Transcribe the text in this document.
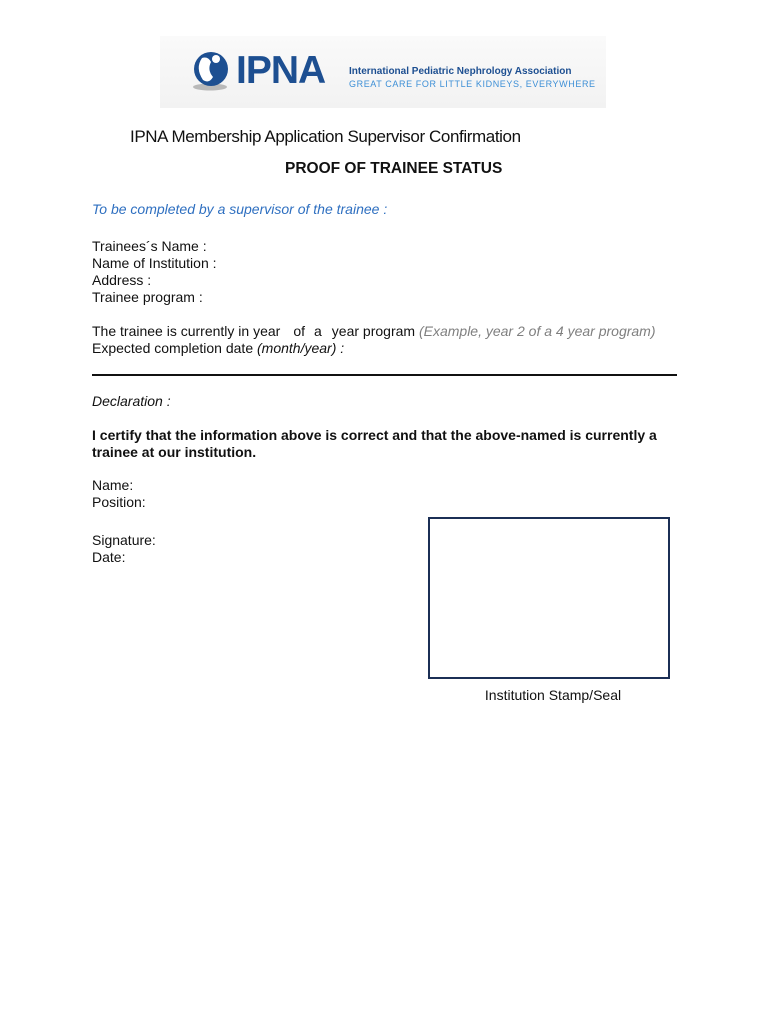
IPNA International Pediatric Nephrology Association
GREAT CARE FOR LITTLE KIDNEYS, EVERYWHERE
IPNA Membership Application Supervisor Confirmation
PROOF OF TRAINEE STATUS
To be completed by a supervisor of the trainee :
Trainees´s Name :
Name of Institution :
Address :
Trainee program :
The trainee is currently in year of a year program (Example, year 2 of a 4 year program)
Expected completion date (month/year) :
Declaration :
I certify that the information above is correct and that the above-named is currently a trainee at our institution.
Name:
Position:
Signature:
Date:
Institution Stamp/Seal
